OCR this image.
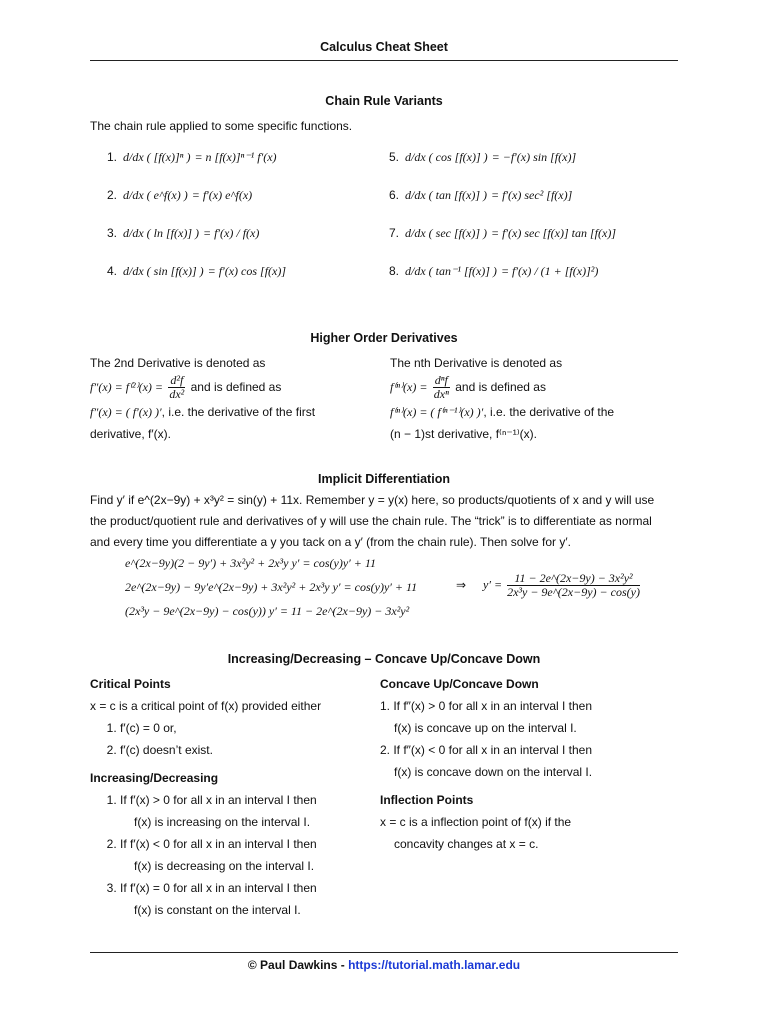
Calculus Cheat Sheet
Chain Rule Variants
The chain rule applied to some specific functions.
1. d/dx ( [f(x)]ⁿ ) = n [f(x)]ⁿ⁻¹ f′(x)
2. d/dx ( e^f(x) ) = f′(x) e^f(x)
3. d/dx ( ln [f(x)] ) = f′(x) / f(x)
4. d/dx ( sin [f(x)] ) = f′(x) cos [f(x)]
5. d/dx ( cos [f(x)] ) = −f′(x) sin [f(x)]
6. d/dx ( tan [f(x)] ) = f′(x) sec² [f(x)]
7. d/dx ( sec [f(x)] ) = f′(x) sec [f(x)] tan [f(x)]
8. d/dx ( tan⁻¹ [f(x)] ) = f′(x) / (1 + [f(x)]²)
Higher Order Derivatives
The 2nd Derivative is denoted as
$f''(x) = f^{(2)}(x) = \frac{\text{d²f}}{\text{dx²}}$ and is defined as
f″(x) = ( f′(x) )′, i.e. the derivative of the first
derivative, f′(x).
The nth Derivative is denoted as
f⁽ⁿ⁾(x) = dⁿf
dxⁿ
and is defined as
f⁽ⁿ⁾(x) = ( f⁽ⁿ⁻¹⁾(x) )′, i.e. the derivative of the
(n − 1)st derivative, f⁽ⁿ⁻¹⁾(x).
Implicit Differentiation
Find y′ if e^(2x−9y) + x³y² = sin(y) + 11x. Remember y = y(x) here, so products/quotients of x and y will use
the product/quotient rule and derivatives of y will use the chain rule. The “trick” is to differentiate as normal
and every time you differentiate a y you tack on a y′ (from the chain rule). Then solve for y′.
e^(2x−9y)(2 − 9y′) + 3x²y² + 2x³y y′ = cos(y)y′ + 11
2e^(2x−9y) − 9y′e^(2x−9y) + 3x²y² + 2x³y y′ = cos(y)y′ + 11
(2x³y − 9e^(2x−9y) − cos(y)) y′ = 11 − 2e^(2x−9y) − 3x²y²
⇒ $y' = \frac{\text{11 − 2e\textasciicircum{}(2x−9y) − 3x²y²}}{\text{2x³y − 9e\textasciicircum{}(2x−9y) − cos(y)}}$
Increasing/Decreasing – Concave Up/Concave Down
Critical Points
x = c is a critical point of f(x) provided either
1. f′(c) = 0 or,
2. f′(c) doesn’t exist.
Increasing/Decreasing
1. If f′(x) > 0 for all x in an interval I then
f(x) is increasing on the interval I.
2. If f′(x) < 0 for all x in an interval I then
f(x) is decreasing on the interval I.
3. If f′(x) = 0 for all x in an interval I then
f(x) is constant on the interval I.
Concave Up/Concave Down
1. If f″(x) > 0 for all x in an interval I then
f(x) is concave up on the interval I.
2. If f″(x) < 0 for all x in an interval I then
f(x) is concave down on the interval I.
Inflection Points
x = c is a inflection point of f(x) if the
concavity changes at x = c.
© Paul Dawkins - https://tutorial.math.lamar.edu
